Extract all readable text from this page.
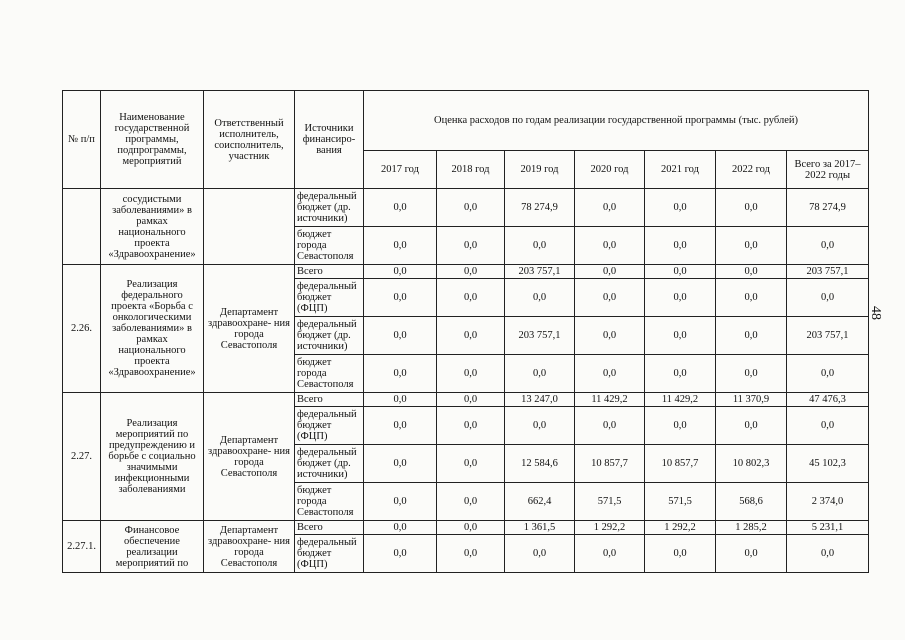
№ п/п	Наименование государственной программы, подпрограммы, мероприятий	Ответственный исполнитель, соисполнитель, участник	Источники финансиро- вания	Оценка расходов по годам реализации государственной программы (тыс. рублей)						
				2017 год	2018 год	2019 год	2020 год	2021 год	2022 год	Всего за 2017–2022 годы
	сосудистыми заболеваниями» в рамках национального проекта «Здравоохранение»		федеральный бюджет (др. источники)	0,0	0,0	78 274,9	0,0	0,0	0,0	78 274,9
			бюджет города Севастополя	0,0	0,0	0,0	0,0	0,0	0,0	0,0
2.26.	Реализация федерального проекта «Борьба с онкологическими заболеваниями» в рамках национального проекта «Здравоохранение»	Департамент здравоохране- ния города Севастополя	Всего	0,0	0,0	203 757,1	0,0	0,0	0,0	203 757,1
			федеральный бюджет (ФЦП)	0,0	0,0	0,0	0,0	0,0	0,0	0,0
			федеральный бюджет (др. источники)	0,0	0,0	203 757,1	0,0	0,0	0,0	203 757,1
			бюджет города Севастополя	0,0	0,0	0,0	0,0	0,0	0,0	0,0
2.27.	Реализация мероприятий по предупреждению и борьбе с социально значимыми инфекционными заболеваниями	Департамент здравоохране- ния города Севастополя	Всего	0,0	0,0	13 247,0	11 429,2	11 429,2	11 370,9	47 476,3
			федеральный бюджет (ФЦП)	0,0	0,0	0,0	0,0	0,0	0,0	0,0
			федеральный бюджет (др. источники)	0,0	0,0	12 584,6	10 857,7	10 857,7	10 802,3	45 102,3
			бюджет города Севастополя	0,0	0,0	662,4	571,5	571,5	568,6	2 374,0
2.27.1.	Финансовое обеспечение реализации мероприятий по	Департамент здравоохране- ния города Севастополя	Всего	0,0	0,0	1 361,5	1 292,2	1 292,2	1 285,2	5 231,1
			федеральный бюджет (ФЦП)	0,0	0,0	0,0	0,0	0,0	0,0	0,0
48
